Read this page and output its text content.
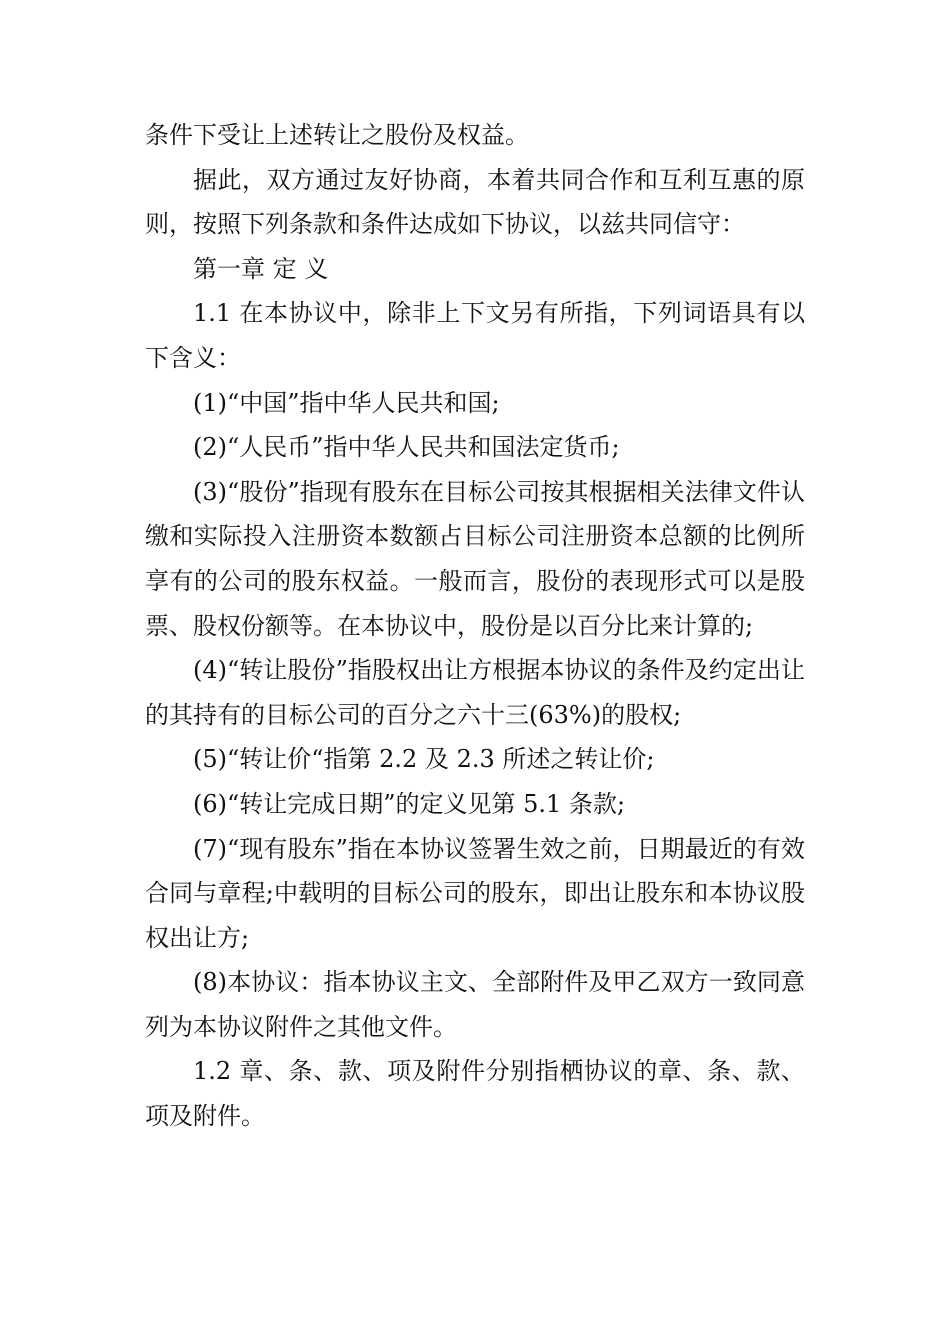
条件下受让上述转让之股份及权益。

据此，双方通过友好协商，本着共同合作和互利互惠的原则，按照下列条款和条件达成如下协议，以兹共同信守：

第一章 定 义

1.1 在本协议中，除非上下文另有所指，下列词语具有以下含义：

(1)“中国”指中华人民共和国;

(2)“人民币”指中华人民共和国法定货币;

(3)“股份”指现有股东在目标公司按其根据相关法律文件认缴和实际投入注册资本数额占目标公司注册资本总额的比例所享有的公司的股东权益。一般而言，股份的表现形式可以是股票、股权份额等。在本协议中，股份是以百分比来计算的;

(4)“转让股份”指股权出让方根据本协议的条件及约定出让的其持有的目标公司的百分之六十三(63%)的股权;

(5)“转让价“指第 2.2 及 2.3 所述之转让价;

(6)“转让完成日期”的定义见第 5.1 条款;

(7)“现有股东”指在本协议签署生效之前，日期最近的有效合同与章程;中载明的目标公司的股东，即出让股东和本协议股权出让方;

(8)本协议：指本协议主文、全部附件及甲乙双方一致同意列为本协议附件之其他文件。

1.2 章、条、款、项及附件分别指栖协议的章、条、款、项及附件。
